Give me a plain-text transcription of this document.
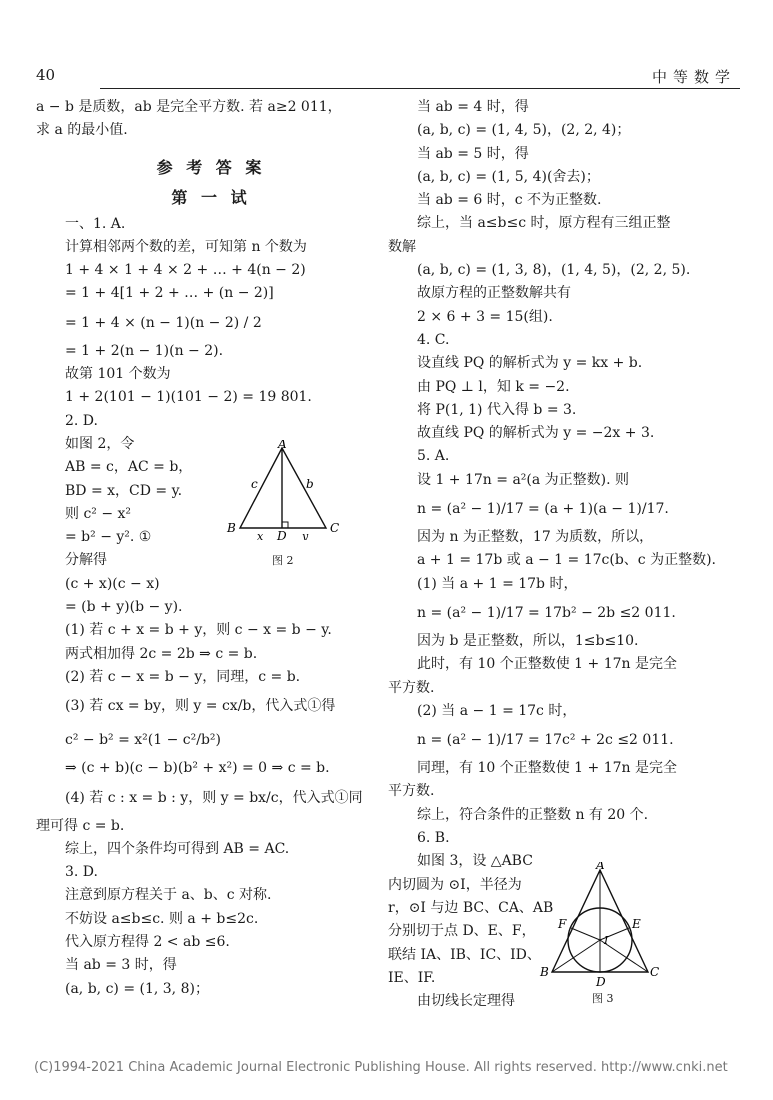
40	中等数学
a − b 是质数，ab 是完全平方数. 若 a≥2 011，
求 a 的最小值.
参 考 答 案
第 一 试
一、1. A.
计算相邻两个数的差，可知第 n 个数为
1 + 4 × 1 + 4 × 2 + … + 4(n − 2)
= 1 + 4[1 + 2 + … + (n − 2)]
= 1 + 4 × (n − 1)(n − 2) / 2
= 1 + 2(n − 1)(n − 2).
故第 101 个数为
1 + 2(101 − 1)(101 − 2) = 19 801.
2. D.
如图 2，令
AB = c，AC = b，
BD = x，CD = y.
则 c² − x²
= b² − y². ①
分解得
(c + x)(c − x)
= (b + y)(b − y).
(1) 若 c + x = b + y，则 c − x = b − y.
两式相加得 2c = 2b ⇒ c = b.
(2) 若 c − x = b − y，同理，c = b.
(3) 若 cx = by，则 y = cx/b，代入式①得
c² − b² = x²(1 − c²/b²)
⇒ (c + b)(c − b)(b² + x²) = 0 ⇒ c = b.
(4) 若 c : x = b : y，则 y = bx/c，代入式①同
理可得 c = b.
综上，四个条件均可得到 AB = AC.
3. D.
注意到原方程关于 a、b、c 对称.
不妨设 a≤b≤c. 则 a + b≤2c.
代入原方程得 2 < ab ≤6.
当 ab = 3 时，得
(a, b, c) = (1, 3, 8)；
当 ab = 4 时，得
(a, b, c) = (1, 4, 5)，(2, 2, 4)；
当 ab = 5 时，得
(a, b, c) = (1, 5, 4)(舍去)；
当 ab = 6 时，c 不为正整数.
综上，当 a≤b≤c 时，原方程有三组正整
数解
(a, b, c) = (1, 3, 8)，(1, 4, 5)，(2, 2, 5).
故原方程的正整数解共有
2 × 6 + 3 = 15(组).
4. C.
设直线 PQ 的解析式为 y = kx + b.
由 PQ ⊥ l，知 k = −2.
将 P(1, 1) 代入得 b = 3.
故直线 PQ 的解析式为 y = −2x + 3.
5. A.
设 1 + 17n = a²(a 为正整数). 则
n = (a² − 1)/17 = (a + 1)(a − 1)/17.
因为 n 为正整数，17 为质数，所以，
a + 1 = 17b 或 a − 1 = 17c(b、c 为正整数).
(1) 当 a + 1 = 17b 时，
n = (a² − 1)/17 = 17b² − 2b ≤2 011.
因为 b 是正整数，所以，1≤b≤10.
此时，有 10 个正整数使 1 + 17n 是完全
平方数.
(2) 当 a − 1 = 17c 时，
n = (a² − 1)/17 = 17c² + 2c ≤2 011.
同理，有 10 个正整数使 1 + 17n 是完全
平方数.
综上，符合条件的正整数 n 有 20 个.
6. B.
如图 3，设 △ABC
内切圆为 ⊙I，半径为
r，⊙I 与边 BC、CA、AB
分别切于点 D、E、F，
联结 IA、IB、IC、ID、
IE、IF.
由切线长定理得
A
B	C
D
c	b
x	y
图 2
A
B	C
D
E
F
I
图 3
(C)1994-2021 China Academic Journal Electronic Publishing House. All rights reserved. http://www.cnki.net
